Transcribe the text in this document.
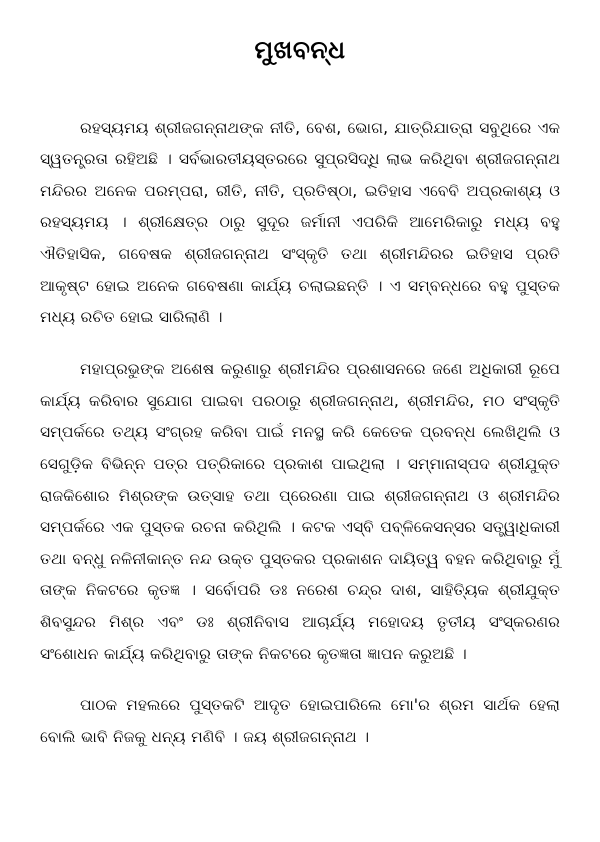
ମୁଖବନ୍ଧ

ରହସ୍ୟମୟ ଶ୍ରୀଜଗନ୍ନାଥଙ୍କ ନୀତି, ବେଶ, ଭୋଗ, ଯାତ୍ରିଯାତ୍ରା ସବୁଥିରେ ଏକ ସ୍ୱତନ୍ତ୍ରତା ରହିଅଛି । ସର୍ବଭାରତୀୟସ୍ତରରେ ସୁପ୍ରସିଦ୍ଧି ଲାଭ କରିଥିବା ଶ୍ରୀଜଗନ୍ନାଥ ମନ୍ଦିରର ଅନେକ ପରମ୍ପରା, ରୀତି, ନୀତି, ପ୍ରତିଷ୍ଠା, ଇତିହାସ ଏବେବି ଅପ୍ରକାଶ୍ୟ ଓ ରହସ୍ୟମୟ । ଶ୍ରୀକ୍ଷେତ୍ର ଠାରୁ ସୁଦୂର ଜର୍ମାନୀ ଏପରିକି ଆମେରିକାରୁ ମଧ୍ୟ ବହୁ ଐତିହାସିକ, ଗବେଷକ ଶ୍ରୀଜଗନ୍ନାଥ ସଂସ୍କୃତି ତଥା ଶ୍ରୀମନ୍ଦିରର ଇତିହାସ ପ୍ରତି ଆକୃଷ୍ଟ ହୋଇ ଅନେକ ଗବେଷଣା କାର୍ଯ୍ୟ ଚଲାଇଛନ୍ତି । ଏ ସମ୍ବନ୍ଧରେ ବହୁ ପୁସ୍ତକ ମଧ୍ୟ ରଚିତ ହୋଇ ସାରିଲାଣି ।

ମହାପ୍ରଭୁଙ୍କ ଅଶେଷ କରୁଣାରୁ ଶ୍ରୀମନ୍ଦିର ପ୍ରଶାସନରେ ଜଣେ ଅଧିକାରୀ ରୂପେ କାର୍ଯ୍ୟ କରିବାର ସୁଯୋଗ ପାଇବା ପରଠାରୁ ଶ୍ରୀଜଗନ୍ନାଥ, ଶ୍ରୀମନ୍ଦିର, ମଠ ସଂସ୍କୃତି ସମ୍ପର୍କରେ ତଥ୍ୟ ସଂଗ୍ରହ କରିବା ପାଇଁ ମନସ୍ଥ କରି କେତେକ ପ୍ରବନ୍ଧ ଲେଖିଥିଲି ଓ ସେଗୁଡ଼ିକ ବିଭିନ୍ନ ପତ୍ର ପତ୍ରିକାରେ ପ୍ରକାଶ ପାଇଥିଲା । ସମ୍ମାନାସ୍ପଦ ଶ୍ରୀଯୁକ୍ତ ରାଜକିଶୋର ମିଶ୍ରଙ୍କ ଉତ୍ସାହ ତଥା ପ୍ରେରଣା ପାଇ ଶ୍ରୀଜଗନ୍ନାଥ ଓ ଶ୍ରୀମନ୍ଦିର ସମ୍ପର୍କରେ ଏକ ପୁସ୍ତକ ରଚନା କରିଥିଲି । କଟକ ଏସ୍‌ବି ପବ୍ଳିକେସନ୍‌ସର ସତ୍ତ୍ୱାଧିକାରୀ ତଥା ବନ୍ଧୁ ନଳିନୀକାନ୍ତ ନନ୍ଦ ଉକ୍ତ ପୁସ୍ତକର ପ୍ରକାଶନ ଦାୟିତ୍ୱ ବହନ କରିଥିବାରୁ ମୁଁ ତାଙ୍କ ନିକଟରେ କୃତଜ୍ଞ । ସର୍ବୋପରି ଡଃ ନରେଶ ଚନ୍ଦ୍ର ଦାଶ, ସାହିତ୍ୟିକ ଶ୍ରୀଯୁକ୍ତ ଶିବସୁନ୍ଦର ମିଶ୍ର ଏବଂ ଡଃ ଶ୍ରୀନିବାସ ଆଚାର୍ଯ୍ୟ ମହୋଦୟ ତୃତୀୟ ସଂସ୍କରଣର ସଂଶୋଧନ କାର୍ଯ୍ୟ କରିଥିବାରୁ ତାଙ୍କ ନିକଟରେ କୃତଜ୍ଞତା ଜ୍ଞାପନ କରୁଅଛି ।

ପାଠକ ମହଲରେ ପୁସ୍ତକଟି ଆଦୃତ ହୋଇପାରିଲେ ମୋ'ର ଶ୍ରମ ସାର୍ଥକ ହେଲା ବୋଲି ଭାବି ନିଜକୁ ଧନ୍ୟ ମଣିବି । ଜୟ ଶ୍ରୀଜଗନ୍ନାଥ ।
